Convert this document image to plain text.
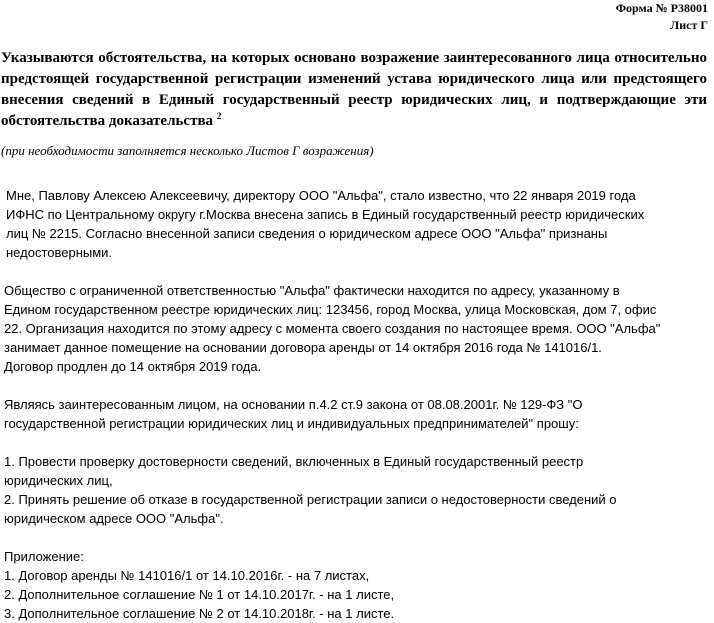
Форма № Р38001
Лист Г
Указываются обстоятельства, на которых основано возражение заинтересованного лица относительно предстоящей государственной регистрации изменений устава юридического лица или предстоящего внесения сведений в Единый государственный реестр юридических лиц, и подтверждающие эти обстоятельства доказательства $^2$
(при необходимости заполняется несколько Листов Г возражения)

Мне, Павлову Алексею Алексеевичу, директору ООО "Альфа", стало известно, что 22 января 2019 года

ИФНС по Центральному округу г.Москва внесена запись в Единый государственный реестр юридических

лиц № 2215. Согласно внесенной записи сведения о юридическом адресе ООО "Альфа" признаны

недостоверными.

Общество с ограниченной ответственностью "Альфа" фактически находится по адресу, указанному в

Едином государственном реестре юридических лиц: 123456, город Москва, улица Московская, дом 7, офис

22. Организация находится по этому адресу с момента своего создания по настоящее время. ООО "Альфа"

занимает данное помещение на основании договора аренды от 14 октября 2016 года № 141016/1.

Договор продлен до 14 октября 2019 года.

Являясь заинтересованным лицом, на основании п.4.2 ст.9 закона от 08.08.2001г. № 129-ФЗ "О

государственной регистрации юридических лиц и индивидуальных предпринимателей" прошу:

1. Провести проверку достоверности сведений, включенных в Единый государственный реестр

юридических лиц,

2. Принять решение об отказе в государственной регистрации записи о недостоверности сведений о

юридическом адресе ООО "Альфа".

Приложение:

1. Договор аренды № 141016/1 от 14.10.2016г. - на 7 листах,

2. Дополнительное соглашение № 1 от 14.10.2017г. - на 1 листе,

3. Дополнительное соглашение № 2 от 14.10.2018г. - на 1 листе.
